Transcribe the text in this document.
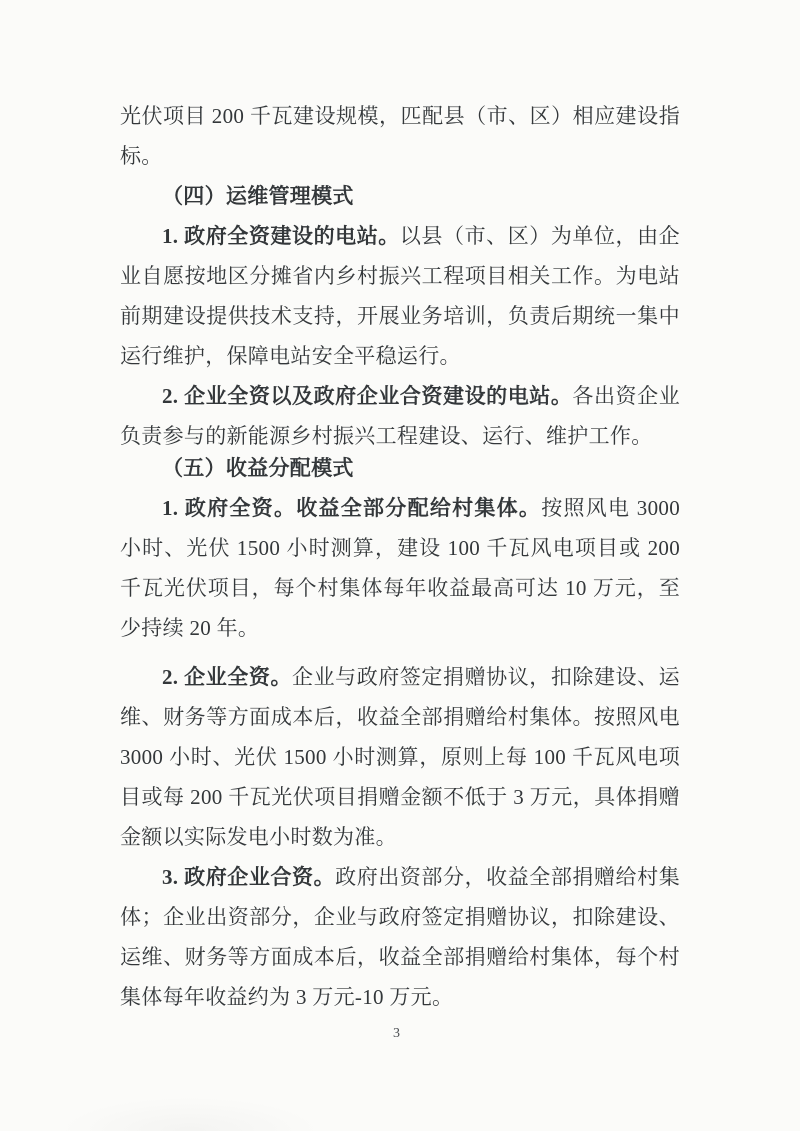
光伏项目 200 千瓦建设规模，匹配县（市、区）相应建设指
标。
（四）运维管理模式
1. 政府全资建设的电站。以县（市、区）为单位，由企
业自愿按地区分摊省内乡村振兴工程项目相关工作。为电站
前期建设提供技术支持，开展业务培训，负责后期统一集中
运行维护，保障电站安全平稳运行。
2. 企业全资以及政府企业合资建设的电站。各出资企业
负责参与的新能源乡村振兴工程建设、运行、维护工作。
（五）收益分配模式
1. 政府全资。收益全部分配给村集体。按照风电 3000
小时、光伏 1500 小时测算，建设 100 千瓦风电项目或 200
千瓦光伏项目，每个村集体每年收益最高可达 10 万元，至
少持续 20 年。
2. 企业全资。企业与政府签定捐赠协议，扣除建设、运
维、财务等方面成本后，收益全部捐赠给村集体。按照风电
3000 小时、光伏 1500 小时测算，原则上每 100 千瓦风电项
目或每 200 千瓦光伏项目捐赠金额不低于 3 万元，具体捐赠
金额以实际发电小时数为准。
3. 政府企业合资。政府出资部分，收益全部捐赠给村集
体；企业出资部分，企业与政府签定捐赠协议，扣除建设、
运维、财务等方面成本后，收益全部捐赠给村集体，每个村
集体每年收益约为 3 万元-10 万元。
3
